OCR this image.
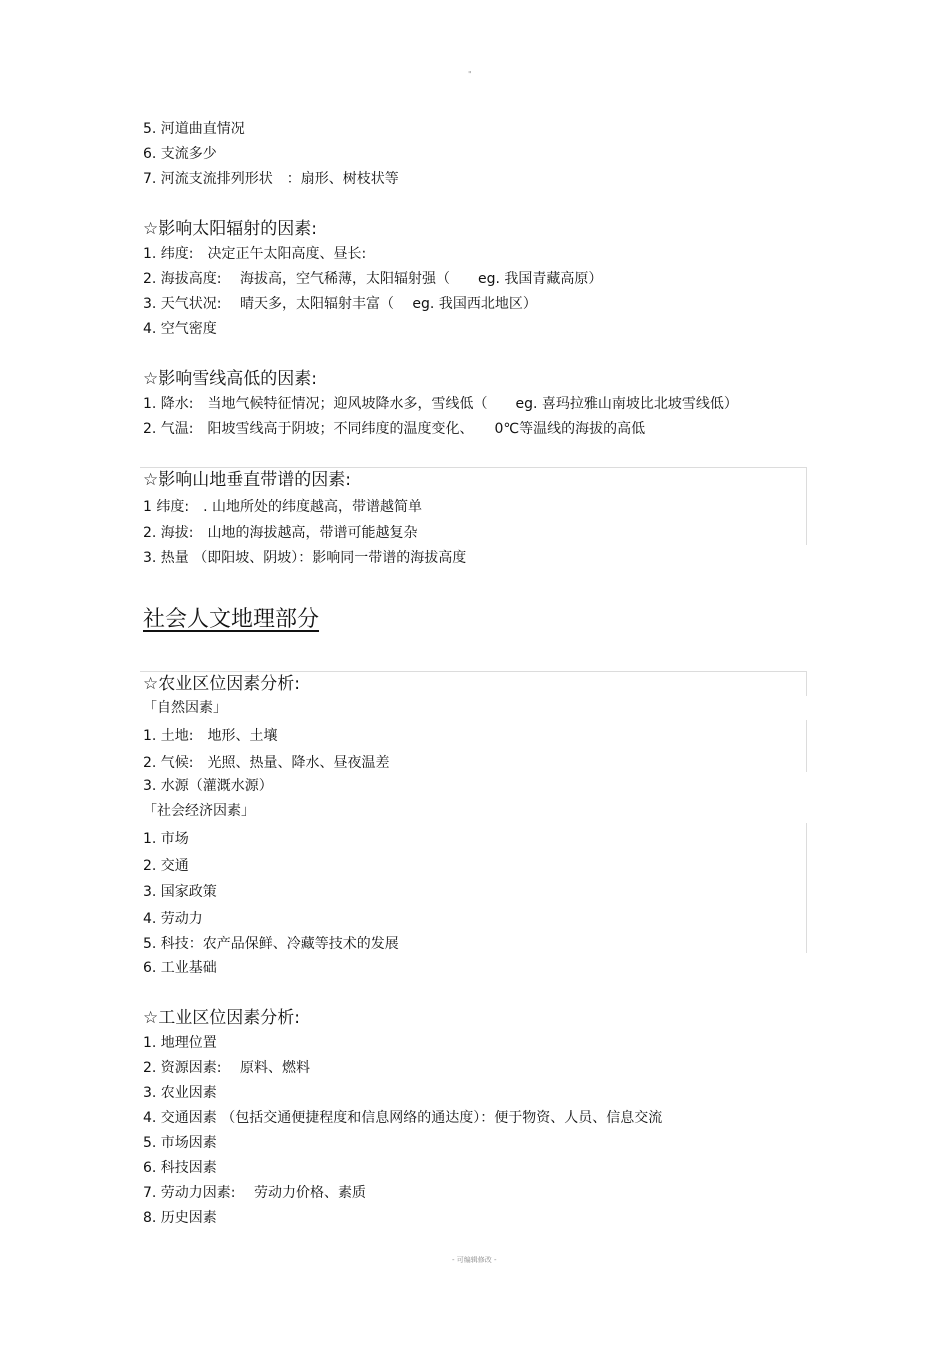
"
5. 河道曲直情况
6. 支流多少
7. 河流支流排列形状　：扇形、树枝状等
☆影响太阳辐射的因素:
1. 纬度:　决定正午太阳高度、昼长:
2. 海拔高度:　 海拔高，空气稀薄，太阳辐射强（　　eg. 我国青藏高原）
3. 天气状况:　 晴天多，太阳辐射丰富（　 eg. 我国西北地区）
4. 空气密度
☆影响雪线高低的因素:
1. 降水:　当地气候特征情况；迎风坡降水多，雪线低（　　eg. 喜玛拉雅山南坡比北坡雪线低）
2. 气温:　阳坡雪线高于阴坡；不同纬度的温度变化、　　0℃等温线的海拔的高低
☆影响山地垂直带谱的因素:
1 纬度:　. 山地所处的纬度越高，带谱越简单
2. 海拔:　山地的海拔越高，带谱可能越复杂
3. 热量 （即阳坡、阴坡）：影响同一带谱的海拔高度
社会人文地理部分
☆农业区位因素分析:
「自然因素」
1. 土地:　地形、土壤
2. 气候:　光照、热量、降水、昼夜温差
3. 水源（灌溉水源）
「社会经济因素」
1. 市场
2. 交通
3. 国家政策
4. 劳动力
5. 科技：农产品保鲜、冷藏等技术的发展
6. 工业基础
☆工业区位因素分析:
1. 地理位置
2. 资源因素:　 原料、燃料
3. 农业因素
4. 交通因素 （包括交通便捷程度和信息网络的通达度）：便于物资、人员、信息交流
5. 市场因素
6. 科技因素
7. 劳动力因素:　 劳动力价格、素质
8. 历史因素
- 可编辑修改 -
